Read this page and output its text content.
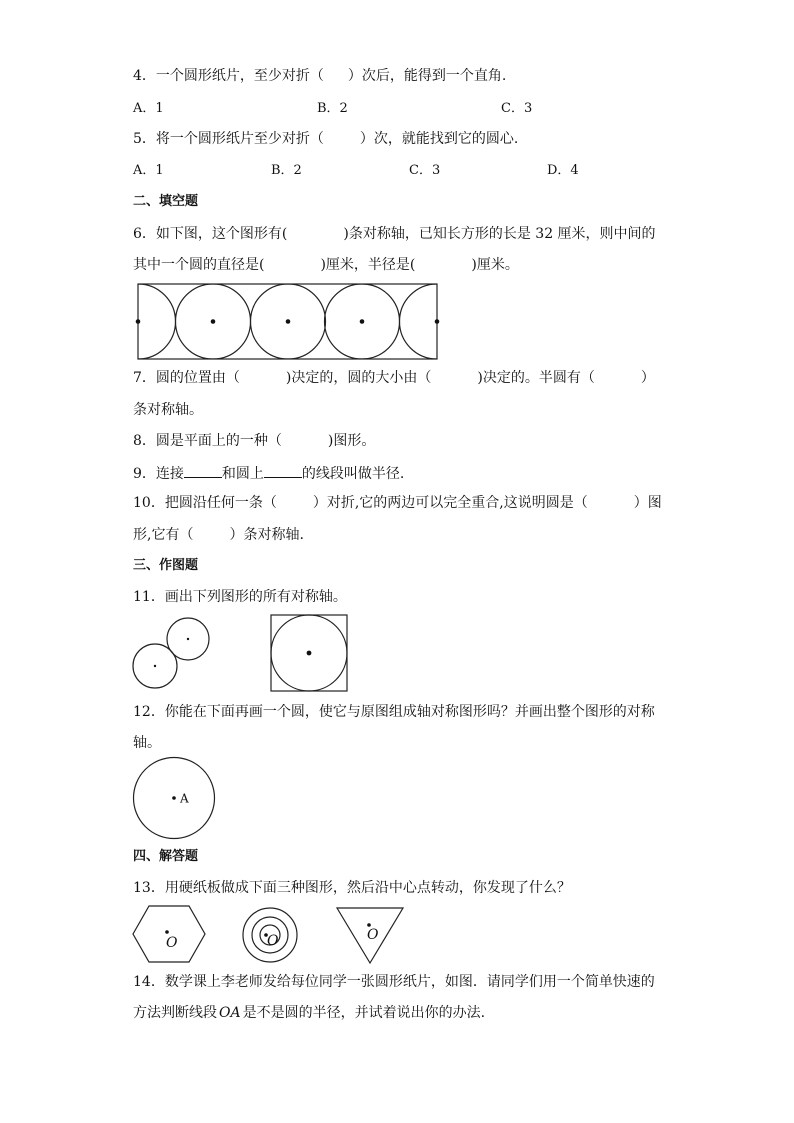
4．一个圆形纸片，至少对折（ ）次后，能得到一个直角.
A．1	B．2	C．3
5．将一个圆形纸片至少对折（	）次，就能找到它的圆心.
A．1	B．2	C．3	D．4
二、填空题
6．如下图，这个图形有(	)条对称轴，已知长方形的长是 32 厘米，则中间的
其中一个圆的直径是(	)厘米，半径是(	)厘米。
7．圆的位置由（	)决定的，圆的大小由（	)决定的。半圆有（	）
条对称轴。
8．圆是平面上的一种（	)图形。
9．连接	和圆上	的线段叫做半径.
10．把圆沿任何一条（	）对折,它的两边可以完全重合,这说明圆是（	）图
形,它有（	）条对称轴.
三、作图题
11．画出下列图形的所有对称轴。
12．你能在下面再画一个圆，使它与原图组成轴对称图形吗？并画出整个图形的对称
轴。
A
四、解答题
13．用硬纸板做成下面三种图形，然后沿中心点转动，你发现了什么？
O	O	O
14．数学课上李老师发给每位同学一张圆形纸片，如图．请同学们用一个简单快速的
方法判断线段 OA 是不是圆的半径，并试着说出你的办法.
